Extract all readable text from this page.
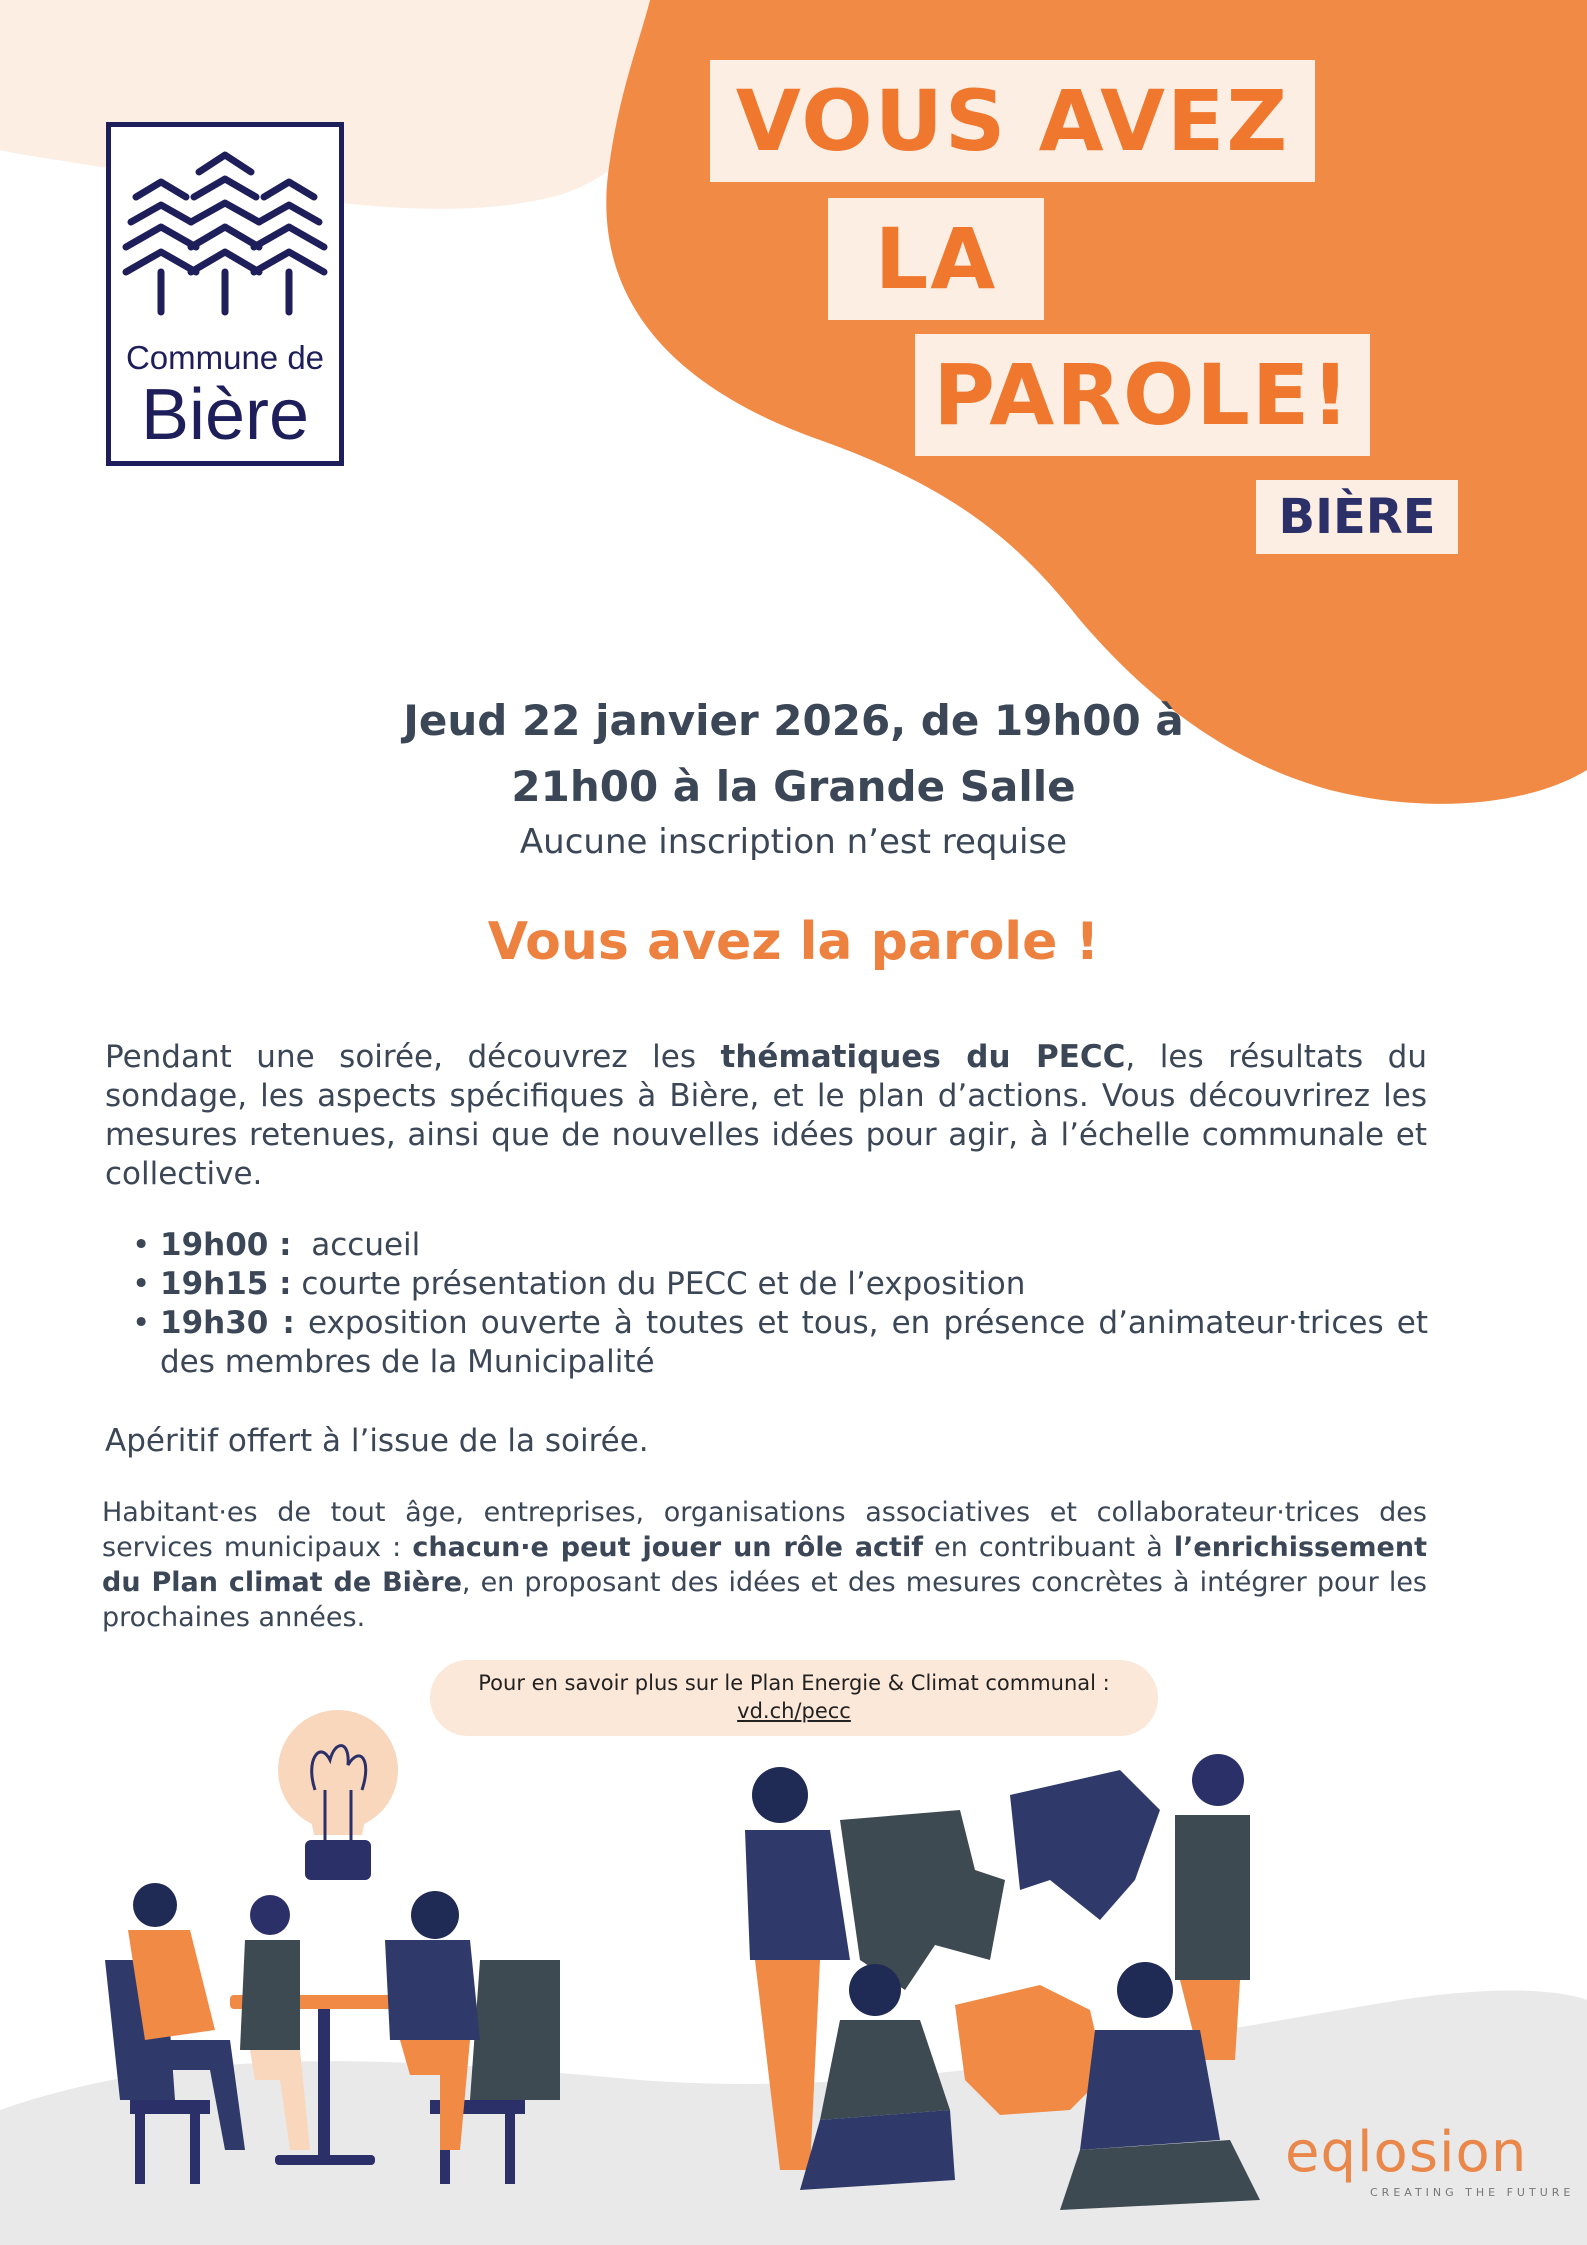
Commune de
Bière
VOUS AVEZ
LA
PAROLE!
BIÈRE
Jeud 22 janvier 2026, de 19h00 à
21h00 à la Grande Salle
Aucune inscription n’est requise
Vous avez la parole !
Pendant une soirée, découvrez les thématiques du PECC, les résultats du sondage, les aspects spécifiques à Bière, et le plan d’actions. Vous découvrirez les mesures retenues, ainsi que de nouvelles idées pour agir, à l’échelle communale et collective.
• 19h00 :  accueil
• 19h15 : courte présentation du PECC et de l’exposition
• 19h30 : exposition ouverte à toutes et tous, en présence d’animateur·trices et des membres de la Municipalité
Apéritif offert à l’issue de la soirée.
Habitant·es de tout âge, entreprises, organisations associatives et collaborateur·trices des services municipaux : chacun·e peut jouer un rôle actif en contribuant à l’enrichissement du Plan climat de Bière, en proposant des idées et des mesures concrètes à intégrer pour les prochaines années.
Pour en savoir plus sur le Plan Energie & Climat communal :
vd.ch/pecc
eqlosion
CREATING THE FUTURE
